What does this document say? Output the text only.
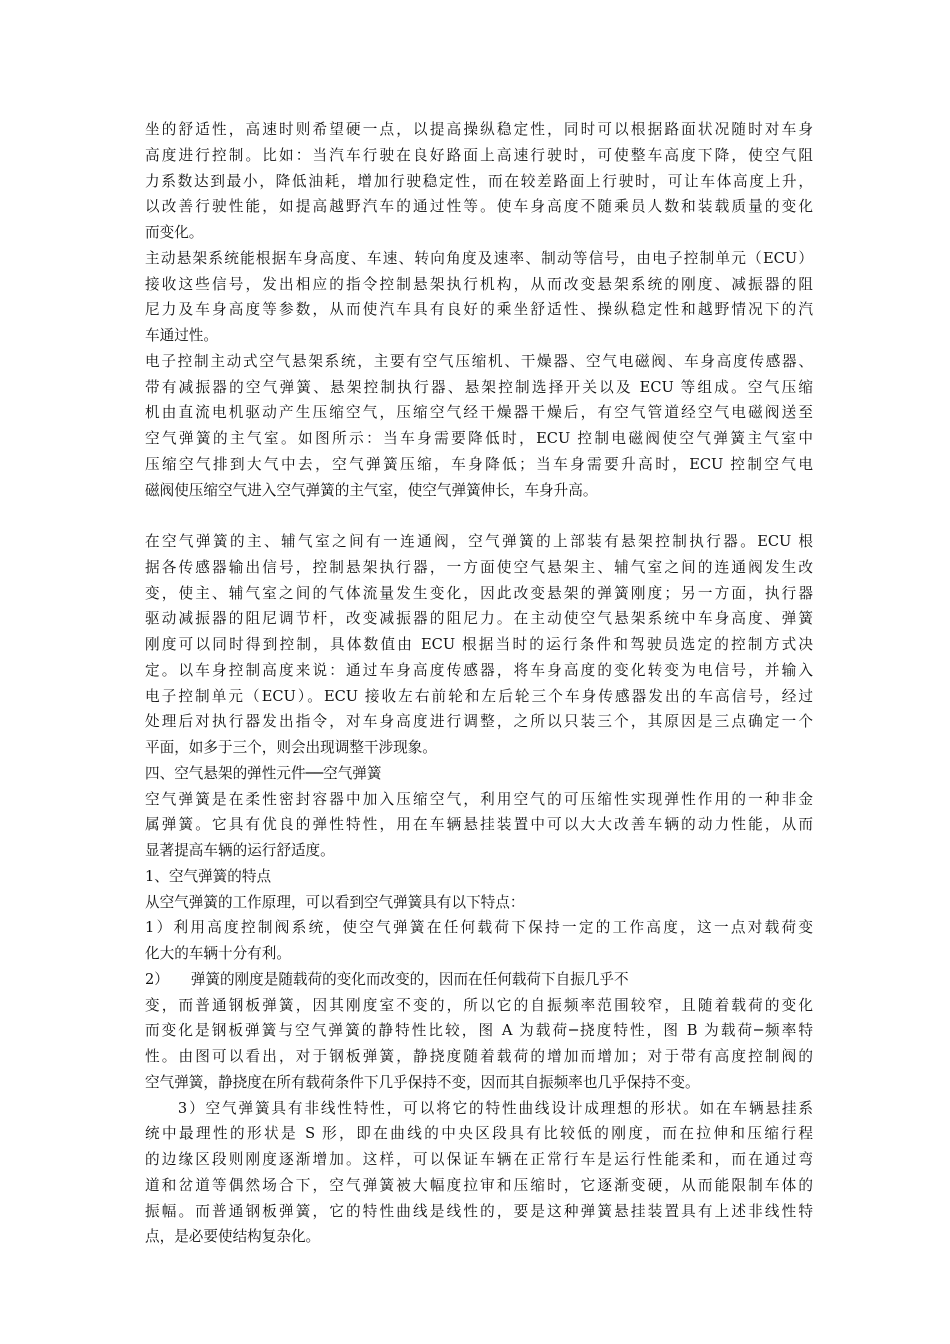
坐的舒适性，高速时则希望硬一点，以提高操纵稳定性，同时可以根据路面状况随时对车身
高度进行控制。比如：当汽车行驶在良好路面上高速行驶时，可使整车高度下降，使空气阻
力系数达到最小，降低油耗，增加行驶稳定性，而在较差路面上行驶时，可让车体高度上升，
以改善行驶性能，如提高越野汽车的通过性等。使车身高度不随乘员人数和装载质量的变化
而变化。
主动悬架系统能根据车身高度、车速、转向角度及速率、制动等信号，由电子控制单元（ECU）
接收这些信号，发出相应的指令控制悬架执行机构，从而改变悬架系统的刚度、减振器的阻
尼力及车身高度等参数，从而使汽车具有良好的乘坐舒适性、操纵稳定性和越野情况下的汽
车通过性。
电子控制主动式空气悬架系统，主要有空气压缩机、干燥器、空气电磁阀、车身高度传感器、
带有减振器的空气弹簧、悬架控制执行器、悬架控制选择开关以及 ECU 等组成。空气压缩
机由直流电机驱动产生压缩空气，压缩空气经干燥器干燥后，有空气管道经空气电磁阀送至
空气弹簧的主气室。如图所示：当车身需要降低时，ECU 控制电磁阀使空气弹簧主气室中
压缩空气排到大气中去，空气弹簧压缩，车身降低；当车身需要升高时，ECU 控制空气电
磁阀使压缩空气进入空气弹簧的主气室，使空气弹簧伸长，车身升高。
在空气弹簧的主、辅气室之间有一连通阀，空气弹簧的上部装有悬架控制执行器。ECU 根
据各传感器输出信号，控制悬架执行器，一方面使空气悬架主、辅气室之间的连通阀发生改
变，使主、辅气室之间的气体流量发生变化，因此改变悬架的弹簧刚度；另一方面，执行器
驱动减振器的阻尼调节杆，改变减振器的阻尼力。在主动使空气悬架系统中车身高度、弹簧
刚度可以同时得到控制，具体数值由 ECU 根据当时的运行条件和驾驶员选定的控制方式决
定。以车身控制高度来说：通过车身高度传感器，将车身高度的变化转变为电信号，并输入
电子控制单元（ECU）。ECU 接收左右前轮和左后轮三个车身传感器发出的车高信号，经过
处理后对执行器发出指令，对车身高度进行调整，之所以只装三个，其原因是三点确定一个
平面，如多于三个，则会出现调整干涉现象。
四、空气悬架的弹性元件──空气弹簧
空气弹簧是在柔性密封容器中加入压缩空气，利用空气的可压缩性实现弹性作用的一种非金
属弹簧。它具有优良的弹性特性，用在车辆悬挂装置中可以大大改善车辆的动力性能，从而
显著提高车辆的运行舒适度。
1、空气弹簧的特点
从空气弹簧的工作原理，可以看到空气弹簧具有以下特点：
1）利用高度控制阀系统，使空气弹簧在任何载荷下保持一定的工作高度，这一点对载荷变
化大的车辆十分有利。
2）　　弹簧的刚度是随载荷的变化而改变的，因而在任何载荷下自振几乎不
变，而普通钢板弹簧，因其刚度室不变的，所以它的自振频率范围较窄，且随着载荷的变化
而变化是钢板弹簧与空气弹簧的静特性比较，图 A 为载荷─挠度特性，图 B 为载荷─频率特
性。由图可以看出，对于钢板弹簧，静挠度随着载荷的增加而增加；对于带有高度控制阀的
空气弹簧，静挠度在所有载荷条件下几乎保持不变，因而其自振频率也几乎保持不变。
　　3）空气弹簧具有非线性特性，可以将它的特性曲线设计成理想的形状。如在车辆悬挂系
统中最理性的形状是 S 形，即在曲线的中央区段具有比较低的刚度，而在拉伸和压缩行程
的边缘区段则刚度逐渐增加。这样，可以保证车辆在正常行车是运行性能柔和，而在通过弯
道和岔道等偶然场合下，空气弹簧被大幅度拉审和压缩时，它逐渐变硬，从而能限制车体的
振幅。而普通钢板弹簧，它的特性曲线是线性的，要是这种弹簧悬挂装置具有上述非线性特
点，是必要使结构复杂化。
